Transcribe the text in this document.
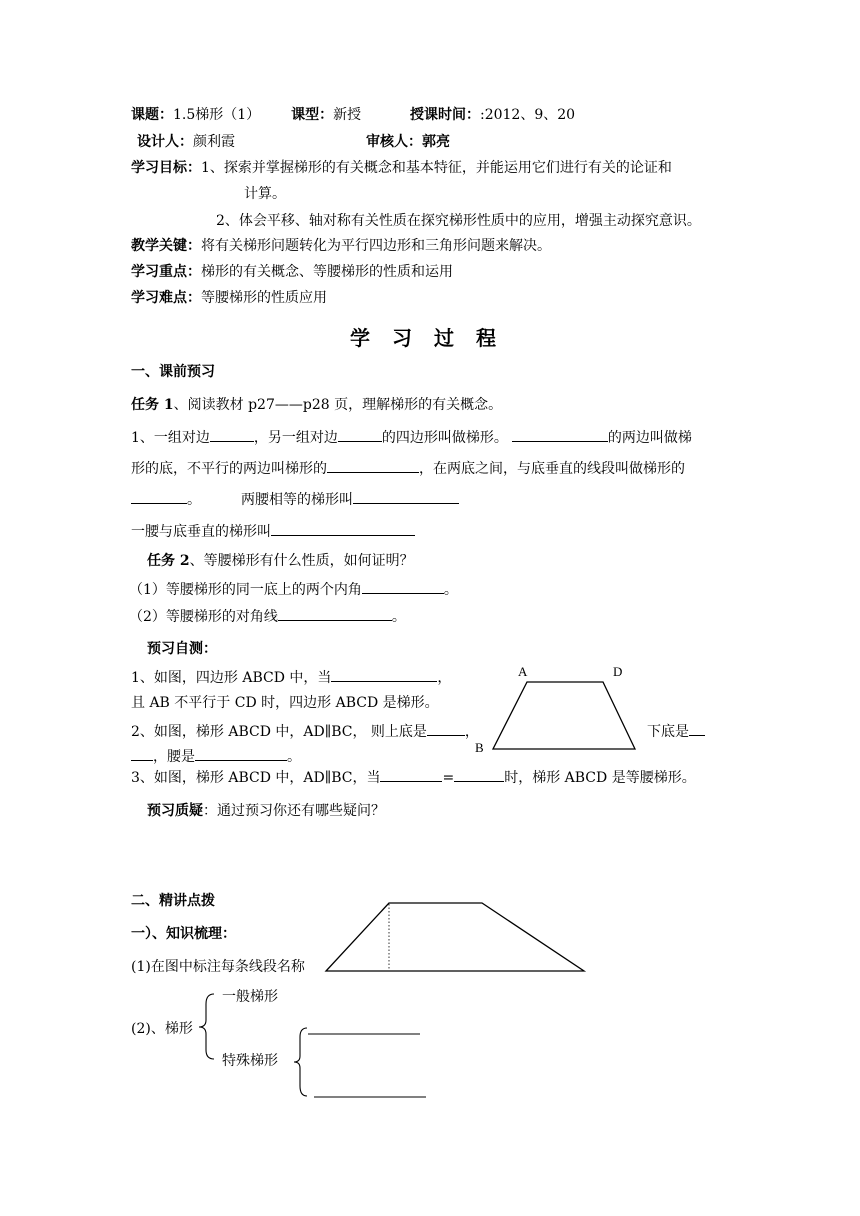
课题：1.5梯形（1） 课型：新授	授课时间：:2012、9、20
设计人：颜利霞	审核人：郭亮
学习目标：1、探索并掌握梯形的有关概念和基本特征，并能运用它们进行有关的论证和
计算。
2、体会平移、轴对称有关性质在探究梯形性质中的应用，增强主动探究意识。
教学关键：将有关梯形问题转化为平行四边形和三角形问题来解决。
学习重点：梯形的有关概念、等腰梯形的性质和运用
学习难点：等腰梯形的性质应用
学习过程
一、课前预习
任务 1、阅读教材 p27——p28 页，理解梯形的有关概念。
1、一组对边	，另一组对边	的四边形叫做梯形。	的两边叫做梯
形的底，不平行的两边叫梯形的	，在两底之间，与底垂直的线段叫做梯形的
。	两腰相等的梯形叫
一腰与底垂直的梯形叫
任务 2、等腰梯形有什么性质，如何证明？
（1）等腰梯形的同一底上的两个内角	。
（2）等腰梯形的对角线	。
预习自测：
1、如图，四边形 ABCD 中，当	，
且 AB 不平行于 CD 时，四边形 ABCD 是梯形。
2、如图，梯形 ABCD 中，AD∥BC， 则上底是	，	下底是
，腰是	。
3、如图，梯形 ABCD 中，AD∥BC，当	=	时，梯形 ABCD 是等腰梯形。
预习质疑：通过预习你还有哪些疑问？
A	D
B
二、精讲点拨
一）、知识梳理：
(1)在图中标注每条线段名称
一般梯形
(2)、梯形
特殊梯形
